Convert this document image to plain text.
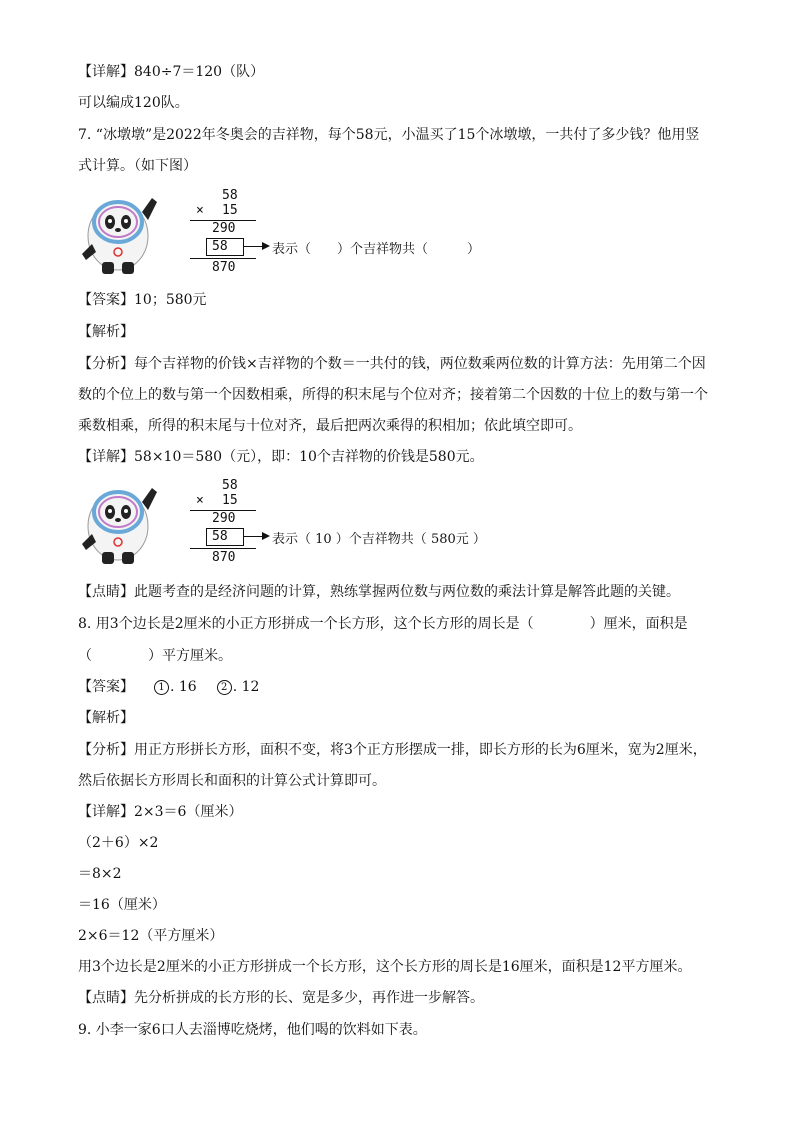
【详解】840÷7＝120（队）
可以编成120队。
7. “冰墩墩”是2022年冬奥会的吉祥物，每个58元，小温买了15个冰墩墩，一共付了多少钱？他用竖
式计算。（如下图）
58
× 15
290
58	表示（　　）个吉祥物共（　　　）
870
【答案】10；580元
【解析】
【分析】每个吉祥物的价钱×吉祥物的个数＝一共付的钱，两位数乘两位数的计算方法：先用第二个因
数的个位上的数与第一个因数相乘，所得的积末尾与个位对齐；接着第二个因数的十位上的数与第一个
乘数相乘，所得的积末尾与十位对齐，最后把两次乘得的积相加；依此填空即可。
【详解】58×10＝580（元），即：10个吉祥物的价钱是580元。
58
× 15
290
58	表示（ 10 ）个吉祥物共（ 580元 ）
870
【点睛】此题考查的是经济问题的计算，熟练掌握两位数与两位数的乘法计算是解答此题的关键。
8. 用3个边长是2厘米的小正方形拼成一个长方形，这个长方形的周长是（　　　　）厘米，面积是
（　　　　）平方厘米。
【答案】 1 . 16 2 . 12
【解析】
【分析】用正方形拼长方形，面积不变，将3个正方形摆成一排，即长方形的长为6厘米，宽为2厘米，
然后依据长方形周长和面积的计算公式计算即可。
【详解】2×3＝6（厘米）
（2＋6）×2
＝8×2
＝16（厘米）
2×6＝12（平方厘米）
用3个边长是2厘米的小正方形拼成一个长方形，这个长方形的周长是16厘米，面积是12平方厘米。
【点睛】先分析拼成的长方形的长、宽是多少，再作进一步解答。
9. 小李一家6口人去淄博吃烧烤，他们喝的饮料如下表。
